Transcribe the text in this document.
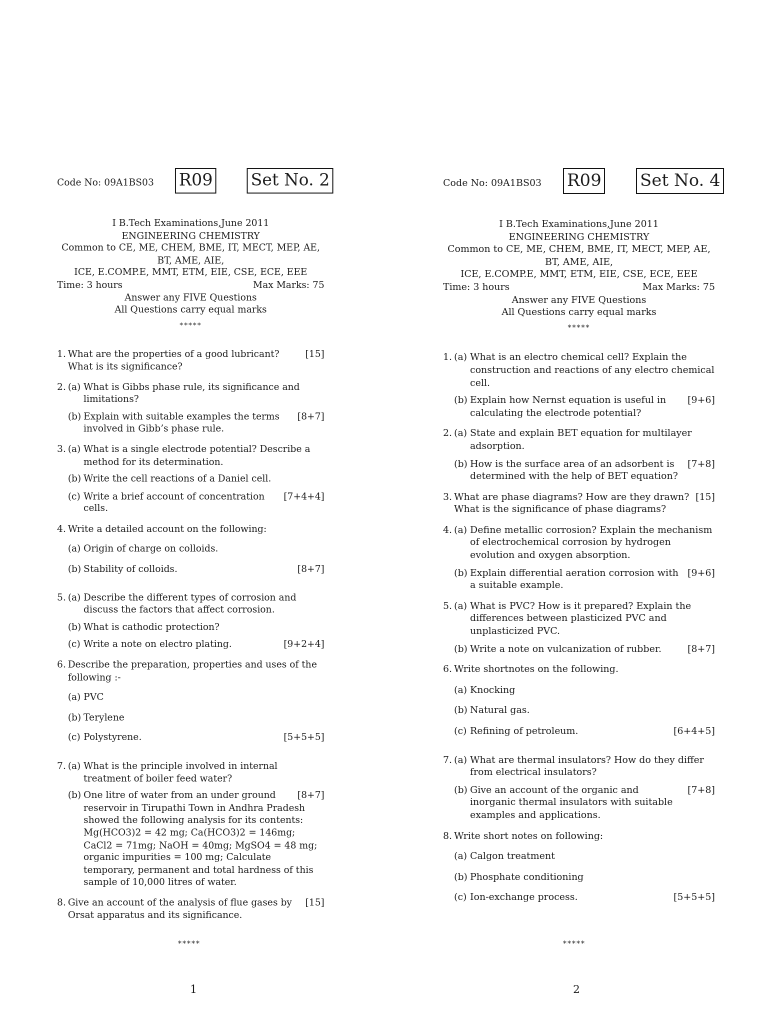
Code No: 09A1BS03 R09 Set No. 2
I B.Tech Examinations,June 2011
ENGINEERING CHEMISTRY
Common to CE, ME, CHEM, BME, IT, MECT, MEP, AE, BT, AME, AIE,
ICE, E.COMP.E, MMT, ETM, EIE, CSE, ECE, EEE
Time: 3 hours	Max Marks: 75
Answer any FIVE Questions
All Questions carry equal marks
*****
1.	[15]
What are the properties of a good lubricant? What is its significance?
2. (a) What is Gibbs phase rule, its significance and limitations?
(b)	[8+7]
Explain with suitable examples the terms involved in Gibb’s phase rule.
3. (a) What is a single electrode potential? Describe a method for its determination.
(b) Write the cell reactions of a Daniel cell.
(c)	[7+4+4]
Write a brief account of concentration cells.
4. Write a detailed account on the following:
(a) Origin of charge on colloids.
(b)	[8+7]
Stability of colloids.
5. (a) Describe the different types of corrosion and discuss the factors that affect corrosion.
(b) What is cathodic protection?
(c)	[9+2+4]
Write a note on electro plating.
6. Describe the preparation, properties and uses of the following :-
(a) PVC
(b) Terylene
(c)	[5+5+5]
Polystyrene.
7. (a) What is the principle involved in internal treatment of boiler feed water?
(b)	[8+7]
One litre of water from an under ground reservoir in Tirupathi Town in Andhra Pradesh showed the following analysis for its contents: Mg(HCO3)2 = 42 mg; Ca(HCO3)2 = 146mg; CaCl2 = 71mg; NaOH = 40mg; MgSO4 = 48 mg; organic impurities = 100 mg; Calculate temporary, permanent and total hardness of this sample of 10,000 litres of water.
8.	[15]
Give an account of the analysis of flue gases by Orsat apparatus and its significance.
Code No: 09A1BS03 R09 Set No. 4
I B.Tech Examinations,June 2011
ENGINEERING CHEMISTRY
Common to CE, ME, CHEM, BME, IT, MECT, MEP, AE, BT, AME, AIE,
ICE, E.COMP.E, MMT, ETM, EIE, CSE, ECE, EEE
Time: 3 hours	Max Marks: 75
Answer any FIVE Questions
All Questions carry equal marks
*****
1. (a) What is an electro chemical cell? Explain the construction and reactions of any electro chemical cell.
(b)	[9+6]
Explain how Nernst equation is useful in calculating the electrode potential?
2. (a) State and explain BET equation for multilayer adsorption.
(b)	[7+8]
How is the surface area of an adsorbent is determined with the help of BET equation?
3.	[15]
What are phase diagrams? How are they drawn? What is the significance of phase diagrams?
4. (a) Define metallic corrosion? Explain the mechanism of electrochemical corrosion by hydrogen evolution and oxygen absorption.
(b)	[9+6]
Explain differential aeration corrosion with a suitable example.
5. (a) What is PVC? How is it prepared? Explain the differences between plasticized PVC and unplasticized PVC.
(b)	[8+7]
Write a note on vulcanization of rubber.
6. Write shortnotes on the following.
(a) Knocking
(b) Natural gas.
(c)	[6+4+5]
Refining of petroleum.
7. (a) What are thermal insulators? How do they differ from electrical insulators?
(b)	[7+8]
Give an account of the organic and inorganic thermal insulators with suitable examples and applications.
8. Write short notes on following:
(a) Calgon treatment
(b) Phosphate conditioning
(c)	[5+5+5]
Ion-exchange process.
*****
1
*****
2
